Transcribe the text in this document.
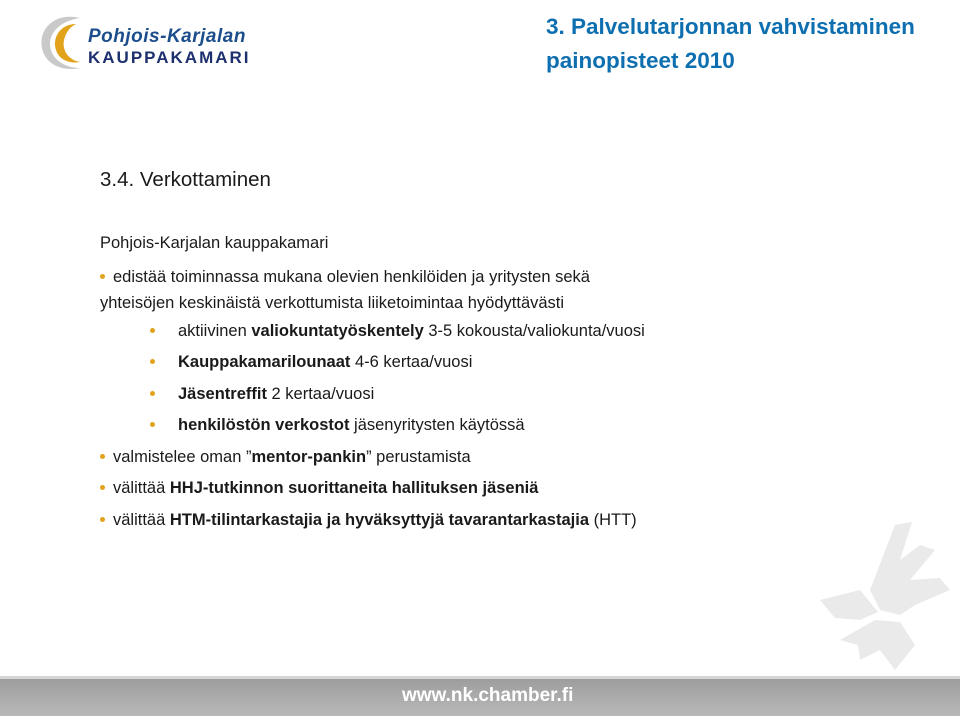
Pohjois-Karjalan
KAUPPAKAMARI
3. Palvelutarjonnan vahvistaminen
painopisteet 2010
3.4. Verkottaminen
Pohjois-Karjalan kauppakamari
edistää toiminnassa mukana olevien henkilöiden ja yritysten sekä
yhteisöjen keskinäistä verkottumista liiketoimintaa hyödyttävästi
aktiivinen valiokuntatyöskentely 3-5 kokousta/valiokunta/vuosi
Kauppakamarilounaat 4-6 kertaa/vuosi
Jäsentreffit 2 kertaa/vuosi
henkilöstön verkostot jäsenyritysten käytössä
valmistelee oman ”mentor-pankin” perustamista
välittää HHJ-tutkinnon suorittaneita hallituksen jäseniä
välittää HTM-tilintarkastajia ja hyväksyttyjä tavarantarkastajia (HTT)
www.nk.chamber.fi
